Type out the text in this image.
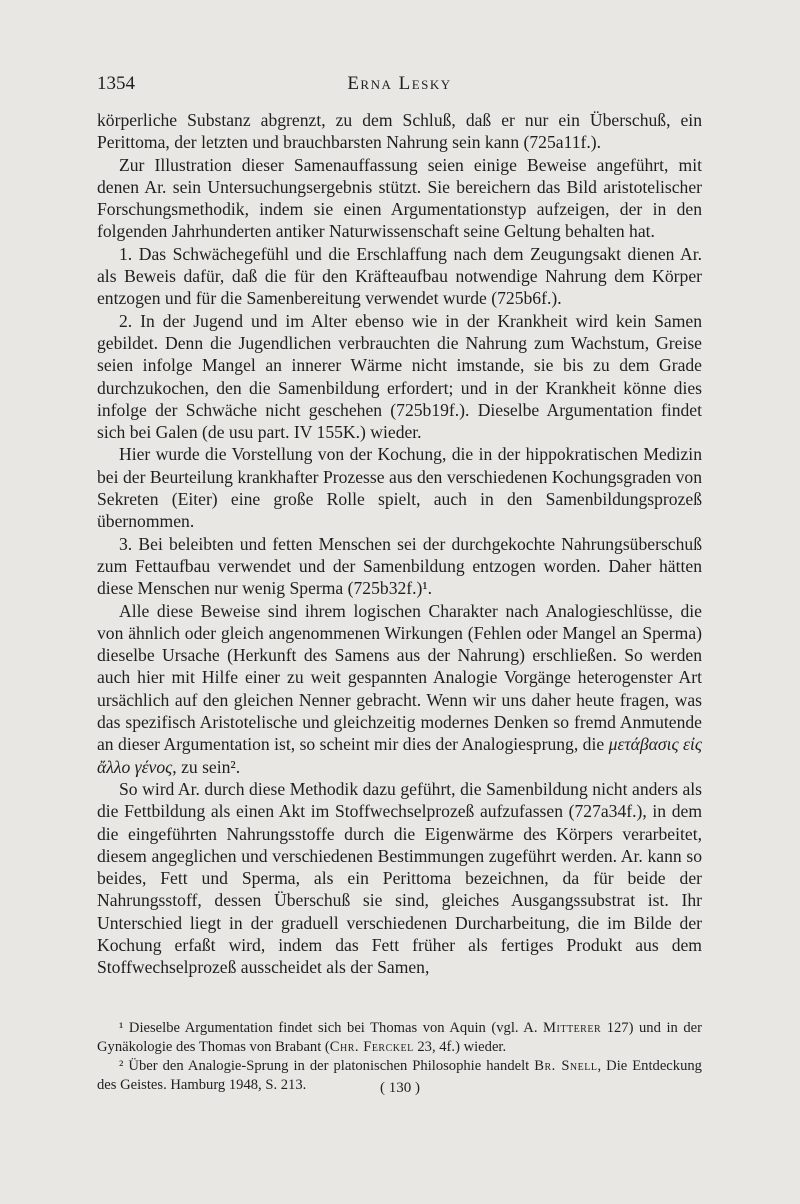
1354	Erna Lesky

körperliche Substanz abgrenzt, zu dem Schluß, daß er nur ein Überschuß, ein Perittoma, der letzten und brauchbarsten Nahrung sein kann (725a11f.).

Zur Illustration dieser Samenauffassung seien einige Beweise angeführt, mit denen Ar. sein Untersuchungsergebnis stützt. Sie bereichern das Bild aristotelischer Forschungsmethodik, indem sie einen Argumentationstyp aufzeigen, der in den folgenden Jahrhunderten antiker Naturwissenschaft seine Geltung behalten hat.

1. Das Schwächegefühl und die Erschlaffung nach dem Zeugungsakt dienen Ar. als Beweis dafür, daß die für den Kräfteaufbau notwendige Nahrung dem Körper entzogen und für die Samenbereitung verwendet wurde (725b6f.).

2. In der Jugend und im Alter ebenso wie in der Krankheit wird kein Samen gebildet. Denn die Jugendlichen verbrauchten die Nahrung zum Wachstum, Greise seien infolge Mangel an innerer Wärme nicht imstande, sie bis zu dem Grade durchzukochen, den die Samenbildung erfordert; und in der Krankheit könne dies infolge der Schwäche nicht geschehen (725b19f.). Dieselbe Argumentation findet sich bei Galen (de usu part. IV 155K.) wieder.

Hier wurde die Vorstellung von der Kochung, die in der hippokratischen Medizin bei der Beurteilung krankhafter Prozesse aus den verschiedenen Kochungsgraden von Sekreten (Eiter) eine große Rolle spielt, auch in den Samenbildungsprozeß übernommen.

3. Bei beleibten und fetten Menschen sei der durchgekochte Nahrungsüberschuß zum Fettaufbau verwendet und der Samenbildung entzogen worden. Daher hätten diese Menschen nur wenig Sperma (725b32f.)¹.

Alle diese Beweise sind ihrem logischen Charakter nach Analogieschlüsse, die von ähnlich oder gleich angenommenen Wirkungen (Fehlen oder Mangel an Sperma) dieselbe Ursache (Herkunft des Samens aus der Nahrung) erschließen. So werden auch hier mit Hilfe einer zu weit gespannten Analogie Vorgänge heterogenster Art ursächlich auf den gleichen Nenner gebracht. Wenn wir uns daher heute fragen, was das spezifisch Aristotelische und gleichzeitig modernes Denken so fremd Anmutende an dieser Argumentation ist, so scheint mir dies der Analogiesprung, die μετάβασις εἰς ἄλλο γένος, zu sein².

So wird Ar. durch diese Methodik dazu geführt, die Samenbildung nicht anders als die Fettbildung als einen Akt im Stoffwechselprozeß aufzufassen (727a34f.), in dem die eingeführten Nahrungsstoffe durch die Eigenwärme des Körpers verarbeitet, diesem angeglichen und verschiedenen Bestimmungen zugeführt werden. Ar. kann so beides, Fett und Sperma, als ein Perittoma bezeichnen, da für beide der Nahrungsstoff, dessen Überschuß sie sind, gleiches Ausgangssubstrat ist. Ihr Unterschied liegt in der graduell verschiedenen Durcharbeitung, die im Bilde der Kochung erfaßt wird, indem das Fett früher als fertiges Produkt aus dem Stoffwechselprozeß ausscheidet als der Samen,

¹ Dieselbe Argumentation findet sich bei Thomas von Aquin (vgl. A. Mitterer 127) und in der Gynäkologie des Thomas von Brabant (Chr. Ferckel 23, 4f.) wieder.

² Über den Analogie-Sprung in der platonischen Philosophie handelt Br. Snell, Die Entdeckung des Geistes. Hamburg 1948, S. 213.	( 130 )
